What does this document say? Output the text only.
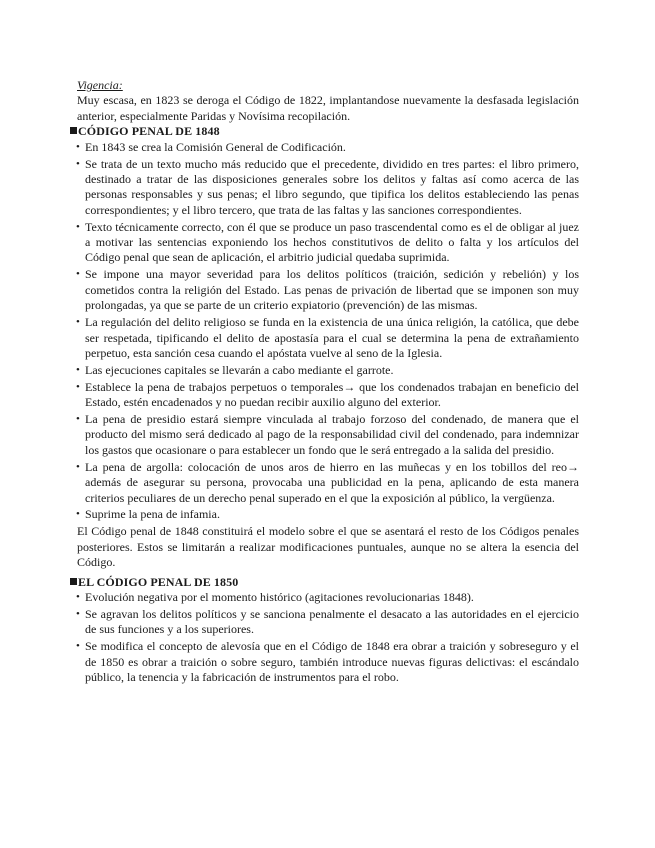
Vigencia:

Muy escasa, en 1823 se deroga el Código de 1822, implantandose nuevamente la desfasada legislación anterior, especialmente Paridas y Novísima recopilación.

CÓDIGO PENAL DE 1848

• En 1843 se crea la Comisión General de Codificación.
• Se trata de un texto mucho más reducido que el precedente, dividido en tres partes: el libro primero, destinado a tratar de las disposiciones generales sobre los delitos y faltas así como acerca de las personas responsables y sus penas; el libro segundo, que tipifica los delitos estableciendo las penas correspondientes; y el libro tercero, que trata de las faltas y las sanciones correspondientes.
• Texto técnicamente correcto, con él que se produce un paso trascendental como es el de obligar al juez a motivar las sentencias exponiendo los hechos constitutivos de delito o falta y los artículos del Código penal que sean de aplicación, el arbitrio judicial quedaba suprimida.
• Se impone una mayor severidad para los delitos políticos (traición, sedición y rebelión) y los cometidos contra la religión del Estado. Las penas de privación de libertad que se imponen son muy prolongadas, ya que se parte de un criterio expiatorio (prevención) de las mismas.
• La regulación del delito religioso se funda en la existencia de una única religión, la católica, que debe ser respetada, tipificando el delito de apostasía para el cual se determina la pena de extrañamiento perpetuo, esta sanción cesa cuando el apóstata vuelve al seno de la Iglesia.
• Las ejecuciones capitales se llevarán a cabo mediante el garrote.
• Establece la pena de trabajos perpetuos o temporales→ que los condenados trabajan en beneficio del Estado, estén encadenados y no puedan recibir auxilio alguno del exterior.
• La pena de presidio estará siempre vinculada al trabajo forzoso del condenado, de manera que el producto del mismo será dedicado al pago de la responsabilidad civil del condenado, para indemnizar los gastos que ocasionare o para establecer un fondo que le será entregado a la salida del presidio.
• La pena de argolla: colocación de unos aros de hierro en las muñecas y en los tobillos del reo→ además de asegurar su persona, provocaba una publicidad en la pena, aplicando de esta manera criterios peculiares de un derecho penal superado en el que la exposición al público, la vergüenza.
• Suprime la pena de infamia.

El Código penal de 1848 constituirá el modelo sobre el que se asentará el resto de los Códigos penales posteriores. Estos se limitarán a realizar modificaciones puntuales, aunque no se altera la esencia del Código.

EL CÓDIGO PENAL DE 1850

• Evolución negativa por el momento histórico (agitaciones revolucionarias 1848).
• Se agravan los delitos políticos y se sanciona penalmente el desacato a las autoridades en el ejercicio de sus funciones y a los superiores.
• Se modifica el concepto de alevosía que en el Código de 1848 era obrar a traición y sobreseguro y el de 1850 es obrar a traición o sobre seguro, también introduce nuevas figuras delictivas: el escándalo público, la tenencia y la fabricación de instrumentos para el robo.
